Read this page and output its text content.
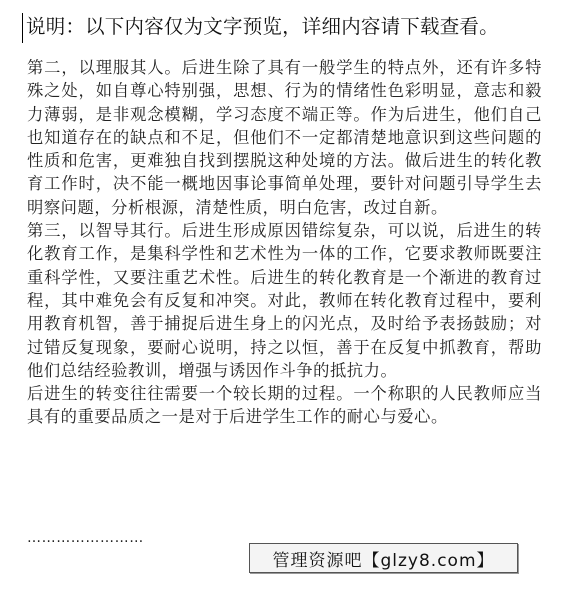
说明：以下内容仅为文字预览，详细内容请下载查看。

第二，以理服其人。后进生除了具有一般学生的特点外，还有许多特殊之处，如自尊心特别强，思想、行为的情绪性色彩明显，意志和毅力薄弱，是非观念模糊，学习态度不端正等。作为后进生，他们自己也知道存在的缺点和不足，但他们不一定都清楚地意识到这些问题的性质和危害，更难独自找到摆脱这种处境的方法。做后进生的转化教育工作时，决不能一概地因事论事简单处理，要针对问题引导学生去明察问题，分析根源，清楚性质，明白危害，改过自新。

第三，以智导其行。后进生形成原因错综复杂，可以说，后进生的转化教育工作，是集科学性和艺术性为一体的工作，它要求教师既要注重科学性，又要注重艺术性。后进生的转化教育是一个渐进的教育过程，其中难免会有反复和冲突。对此，教师在转化教育过程中，要利用教育机智，善于捕捉后进生身上的闪光点，及时给予表扬鼓励；对过错反复现象，要耐心说明，持之以恒，善于在反复中抓教育，帮助他们总结经验教训，增强与诱因作斗争的抵抗力。

后进生的转变往往需要一个较长期的过程。一个称职的人民教师应当具有的重要品质之一是对于后进学生工作的耐心与爱心。

……………………
管理资源吧【glzy8.com】
